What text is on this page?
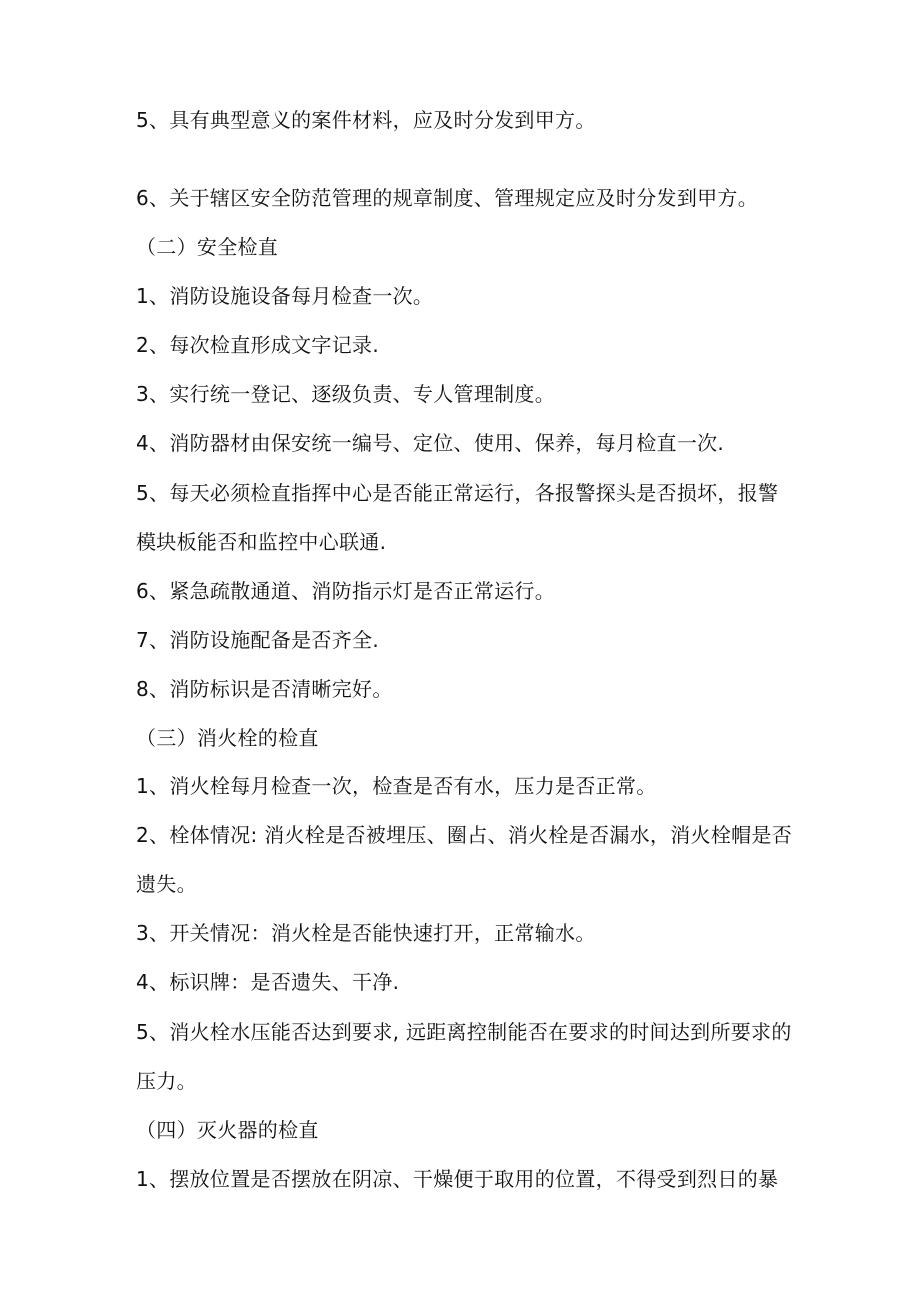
5、具有典型意义的案件材料，应及时分发到甲方。
6、关于辖区安全防范管理的规章制度、管理规定应及时分发到甲方。
（二）安全检直
1、消防设施设备每月检查一次。
2、每次检直形成文字记录.
3、实行统一登记、逐级负责、专人管理制度。
4、消防器材由保安统一编号、定位、使用、保养，每月检直一次.
5、每天必须检直指挥中心是否能正常运行，各报警探头是否损坏，报警
模块板能否和监控中心联通.
6、紧急疏散通道、消防指示灯是否正常运行。
7、消防设施配备是否齐全.
8、消防标识是否清晰完好。
（三）消火栓的检直
1、消火栓每月检查一次，检查是否有水，压力是否正常。
2、栓体情况: 消火栓是否被埋压、圈占、消火栓是否漏水，消火栓帽是否
遗失。
3、开关情况：消火栓是否能快速打开，正常输水。
4、标识牌：是否遗失、干净.
5、消火栓水压能否达到要求, 远距离控制能否在要求的时间达到所要求的
压力。
（四）灭火器的检直
1、摆放位置是否摆放在阴凉、干燥便于取用的位置，不得受到烈日的暴
